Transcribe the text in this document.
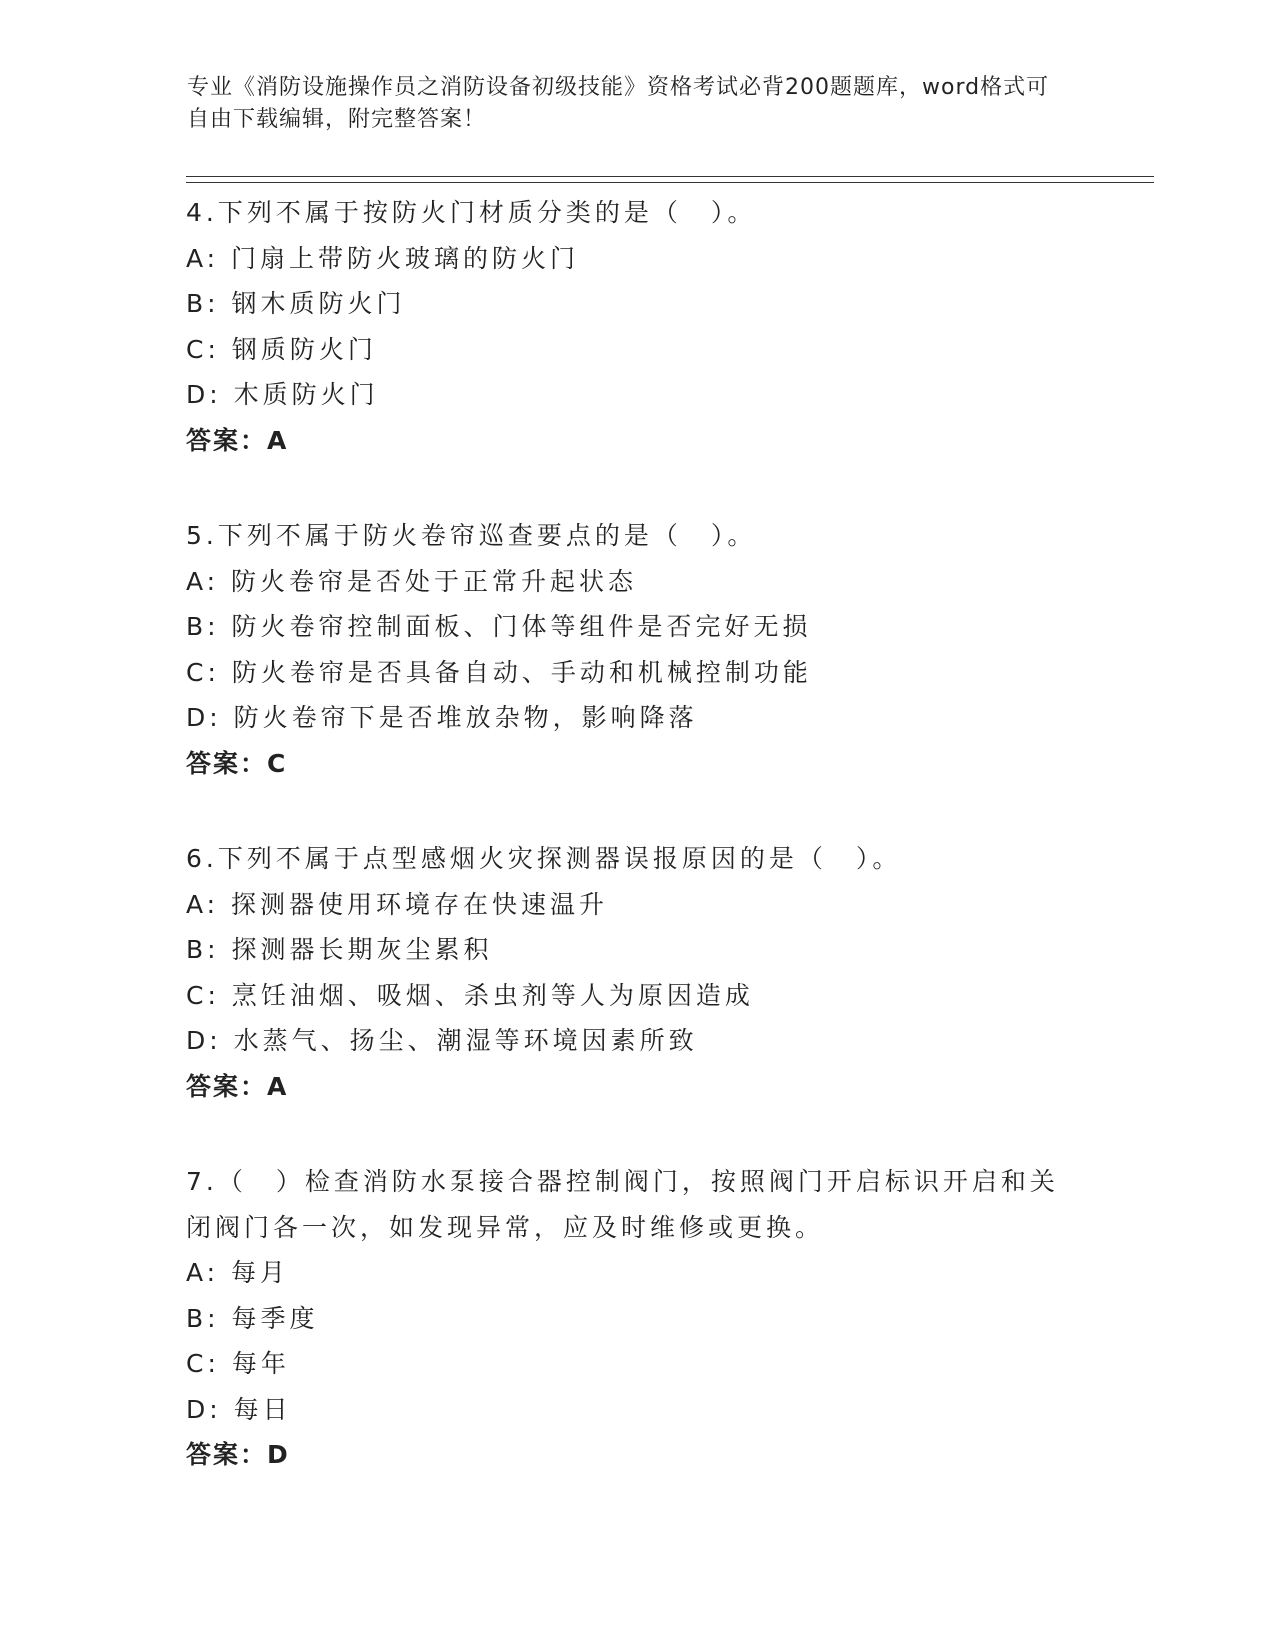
专业《消防设施操作员之消防设备初级技能》资格考试必背200题题库，word格式可自由下载编辑，附完整答案！
4.下列不属于按防火门材质分类的是（　）。
A: 门扇上带防火玻璃的防火门
B: 钢木质防火门
C: 钢质防火门
D: 木质防火门
答案：A
5.下列不属于防火卷帘巡查要点的是（　）。
A: 防火卷帘是否处于正常升起状态
B: 防火卷帘控制面板、门体等组件是否完好无损
C: 防火卷帘是否具备自动、手动和机械控制功能
D: 防火卷帘下是否堆放杂物，影响降落
答案：C
6.下列不属于点型感烟火灾探测器误报原因的是（　）。
A: 探测器使用环境存在快速温升
B: 探测器长期灰尘累积
C: 烹饪油烟、吸烟、杀虫剂等人为原因造成
D: 水蒸气、扬尘、潮湿等环境因素所致
答案：A
7.（　）检查消防水泵接合器控制阀门，按照阀门开启标识开启和关闭阀门各一次，如发现异常，应及时维修或更换。
A: 每月
B: 每季度
C: 每年
D: 每日
答案：D
